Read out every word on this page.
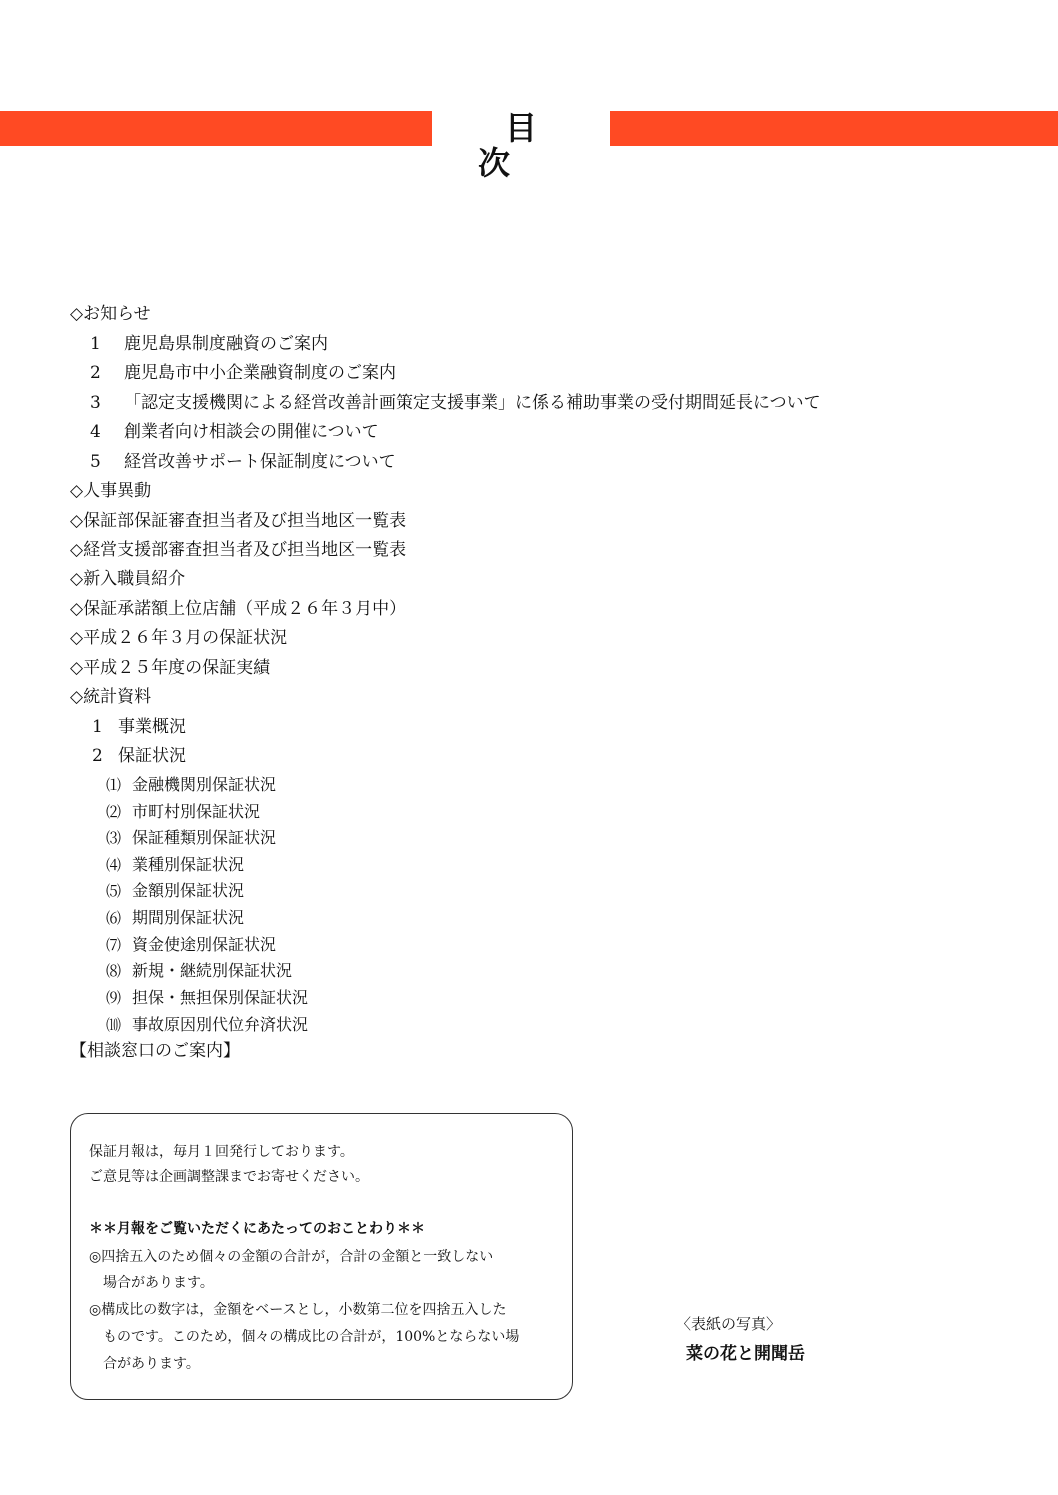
目次
◇お知らせ
1 鹿児島県制度融資のご案内
2 鹿児島市中小企業融資制度のご案内
3 「認定支援機関による経営改善計画策定支援事業」に係る補助事業の受付期間延長について
4 創業者向け相談会の開催について
5 経営改善サポート保証制度について
◇人事異動
◇保証部保証審査担当者及び担当地区一覧表
◇経営支援部審査担当者及び担当地区一覧表
◇新入職員紹介
◇保証承諾額上位店舗（平成２６年３月中）
◇平成２６年３月の保証状況
◇平成２５年度の保証実績
◇統計資料
1 事業概況
2 保証状況
⑴ 金融機関別保証状況
⑵ 市町村別保証状況
⑶ 保証種類別保証状況
⑷ 業種別保証状況
⑸ 金額別保証状況
⑹ 期間別保証状況
⑺ 資金使途別保証状況
⑻ 新規・継続別保証状況
⑼ 担保・無担保別保証状況
⑽ 事故原因別代位弁済状況
【相談窓口のご案内】
保証月報は，毎月１回発行しております。
ご意見等は企画調整課までお寄せください。
＊＊月報をご覧いただくにあたってのおことわり＊＊
◎四捨五入のため個々の金額の合計が，合計の金額と一致しない
場合があります。
◎構成比の数字は，金額をベースとし，小数第二位を四捨五入した
ものです。このため，個々の構成比の合計が，100%とならない場
合があります。
〈表紙の写真〉
菜の花と開聞岳
